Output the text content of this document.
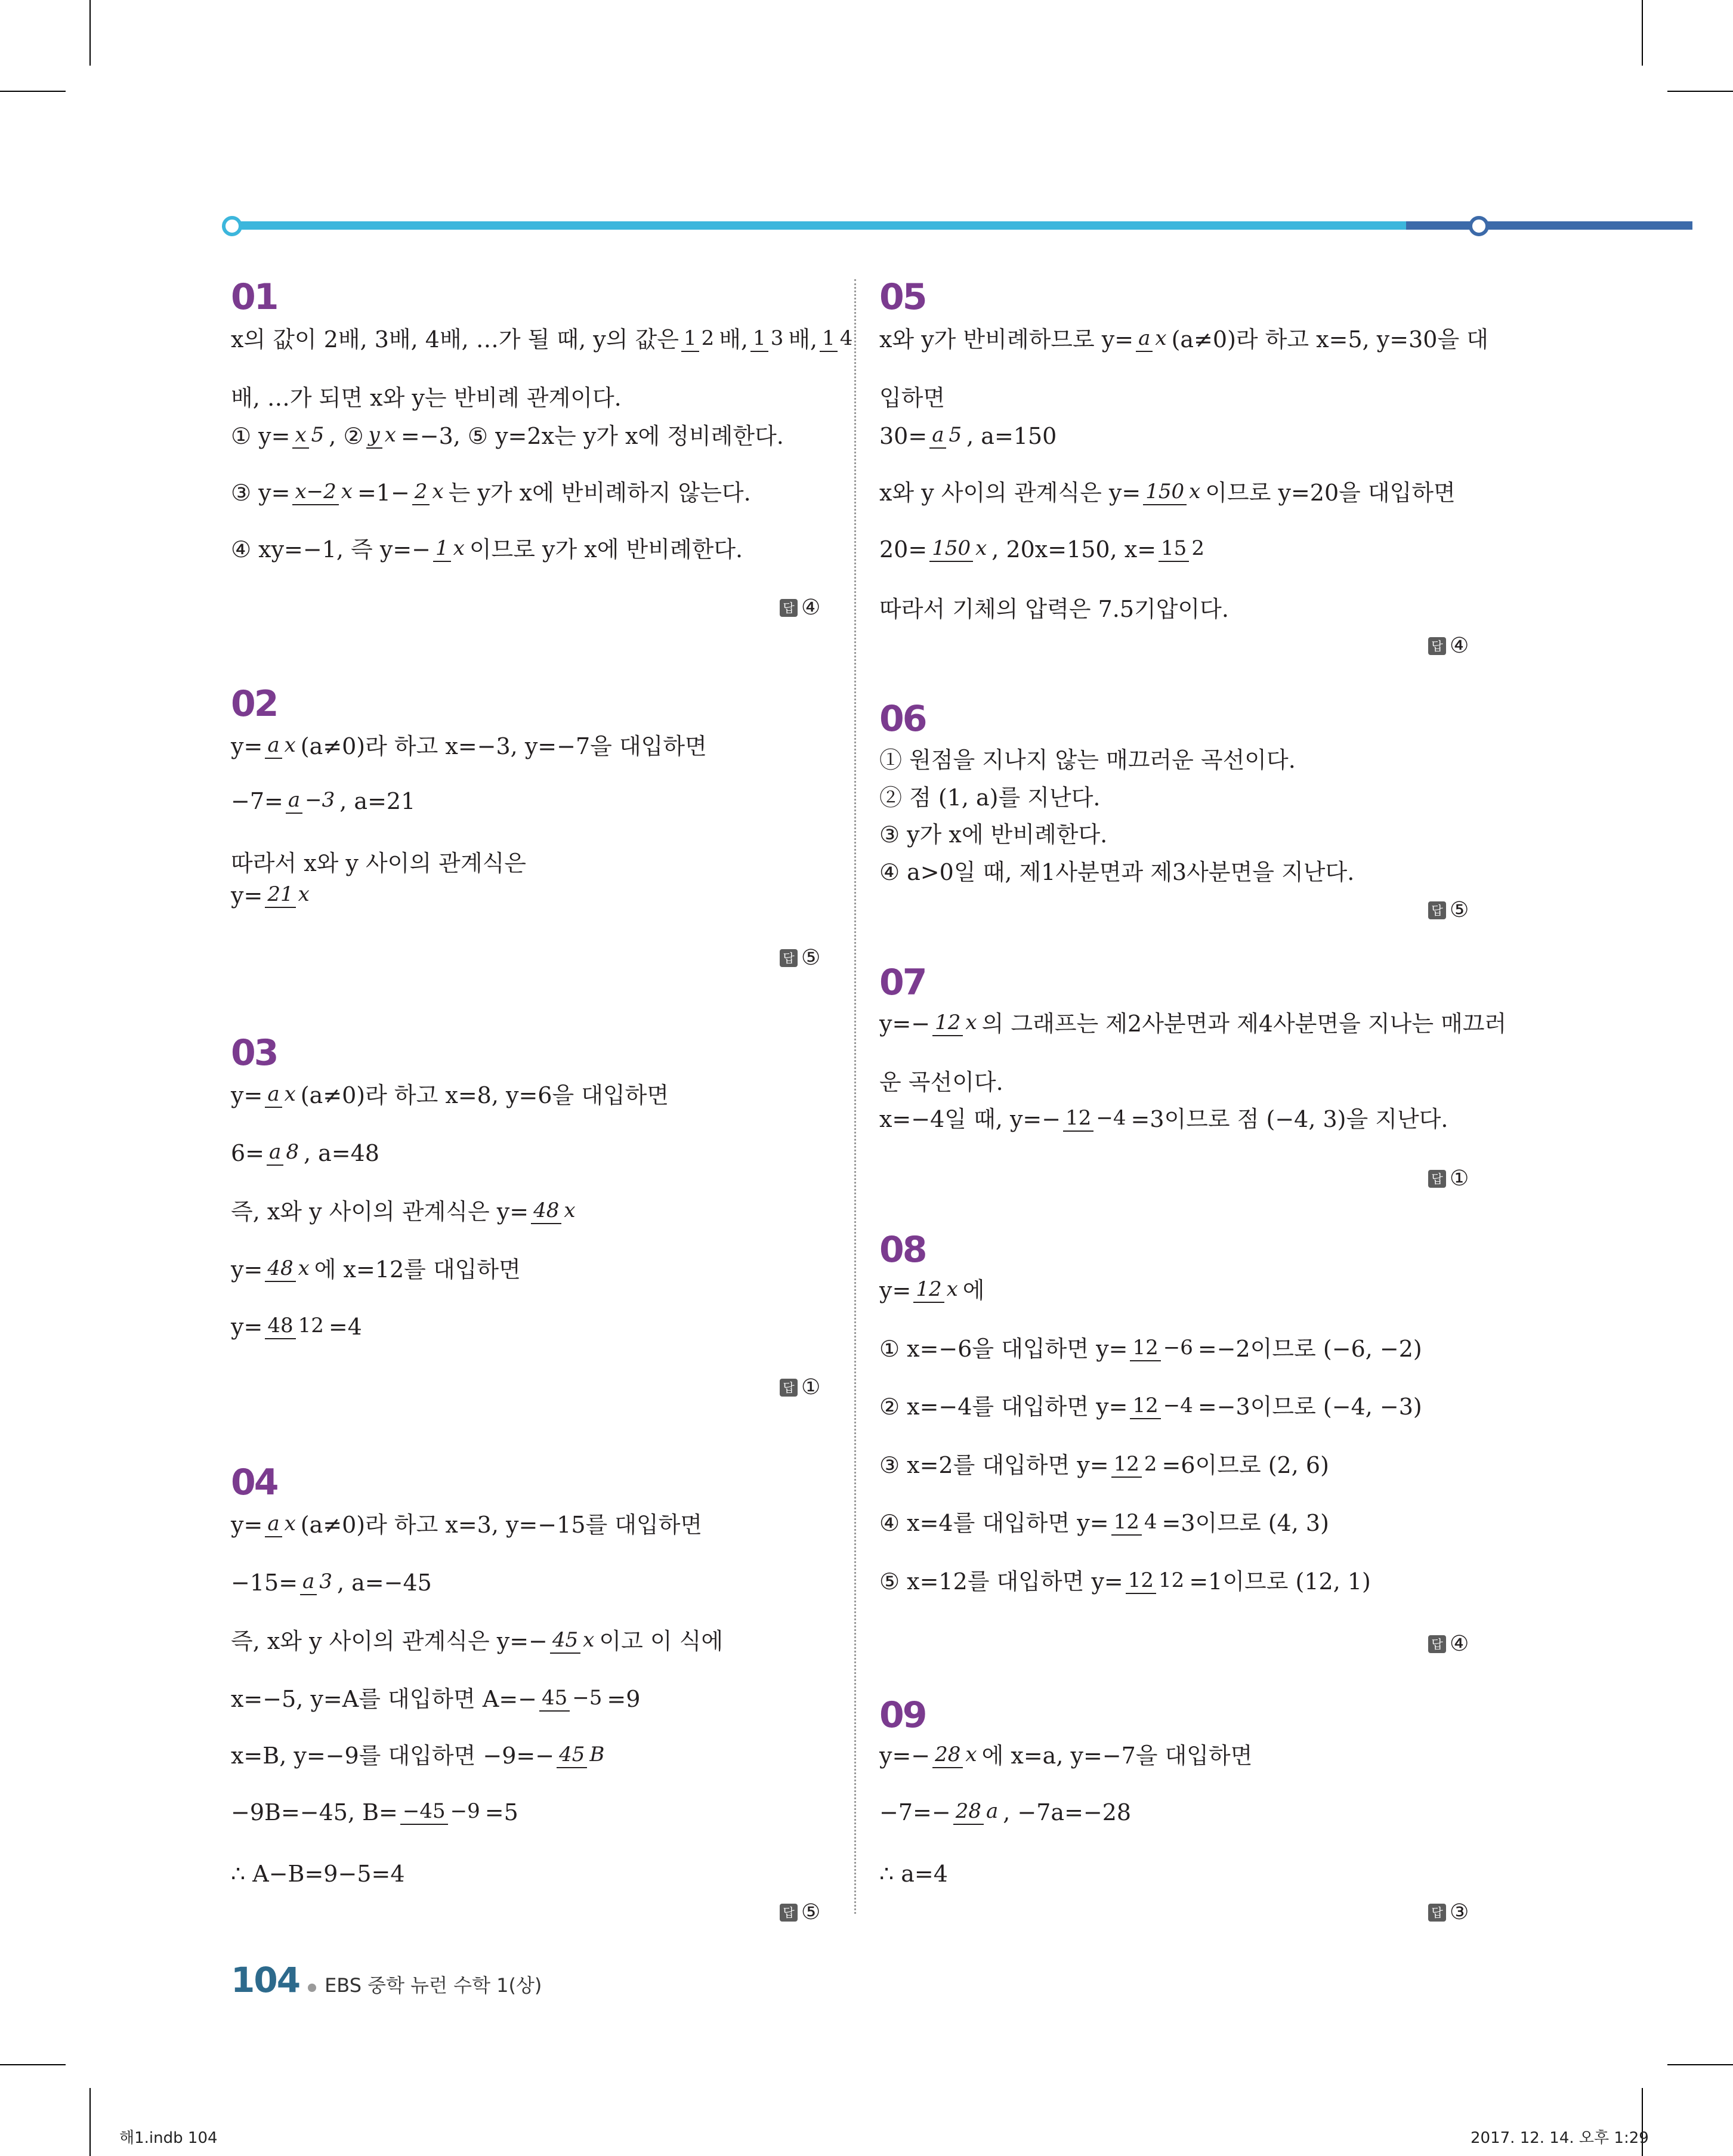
01
x의 값이 2배, 3배, 4배, …가 될 때, y의 값은 1 2 배, 1 3 배, 1 4
배, …가 되면 x와 y는 반비례 관계이다.
① y= x 5 , ② y x =−3, ⑤ y=2x는 y가 x에 정비례한다.
③ y= x−2 x =1− 2 x 는 y가 x에 반비례하지 않는다.
④ xy=−1, 즉 y=− 1 x 이므로 y가 x에 반비례한다.
답 ④
02
y= a x (a≠0)라 하고 x=−3, y=−7을 대입하면
−7= a −3 , a=21
따라서 x와 y 사이의 관계식은
y= 21 x
답 ⑤
03
y= a x (a≠0)라 하고 x=8, y=6을 대입하면
6= a 8 , a=48
즉, x와 y 사이의 관계식은 y= 48 x
y= 48 x 에 x=12를 대입하면
y= 48 12 =4
답 ①
04
y= a x (a≠0)라 하고 x=3, y=−15를 대입하면
−15= a 3 , a=−45
즉, x와 y 사이의 관계식은 y=− 45 x 이고 이 식에
x=−5, y=A를 대입하면 A=− 45 −5 =9
x=B, y=−9를 대입하면 −9=− 45 B
−9B=−45, B= −45 −9 =5
∴ A−B=9−5=4
답 ⑤
05
x와 y가 반비례하므로 y= a x (a≠0)라 하고 x=5, y=30을 대
입하면
30= a 5 , a=150
x와 y 사이의 관계식은 y= 150 x 이므로 y=20을 대입하면
20= 150 x , 20x=150, x= 15 2
따라서 기체의 압력은 7.5기압이다.
답 ④
06
① 원점을 지나지 않는 매끄러운 곡선이다.
② 점 (1, a)를 지난다.
③ y가 x에 반비례한다.
④ a>0일 때, 제1사분면과 제3사분면을 지난다.
답 ⑤
07
y=− 12 x 의 그래프는 제2사분면과 제4사분면을 지나는 매끄러
운 곡선이다.
x=−4일 때, y=− 12 −4 =3이므로 점 (−4, 3)을 지난다.
답 ①
08
y= 12 x 에
① x=−6을 대입하면 y= 12 −6 =−2이므로 (−6, −2)
② x=−4를 대입하면 y= 12 −4 =−3이므로 (−4, −3)
③ x=2를 대입하면 y= 12 2 =6이므로 (2, 6)
④ x=4를 대입하면 y= 12 4 =3이므로 (4, 3)
⑤ x=12를 대입하면 y= 12 12 =1이므로 (12, 1)
답 ④
09
y=− 28 x 에 x=a, y=−7을 대입하면
−7=− 28 a , −7a=−28
∴ a=4
답 ③
104 EBS 중학 뉴런 수학 1(상)
해1.indb 104	2017. 12. 14. 오후 1:29
